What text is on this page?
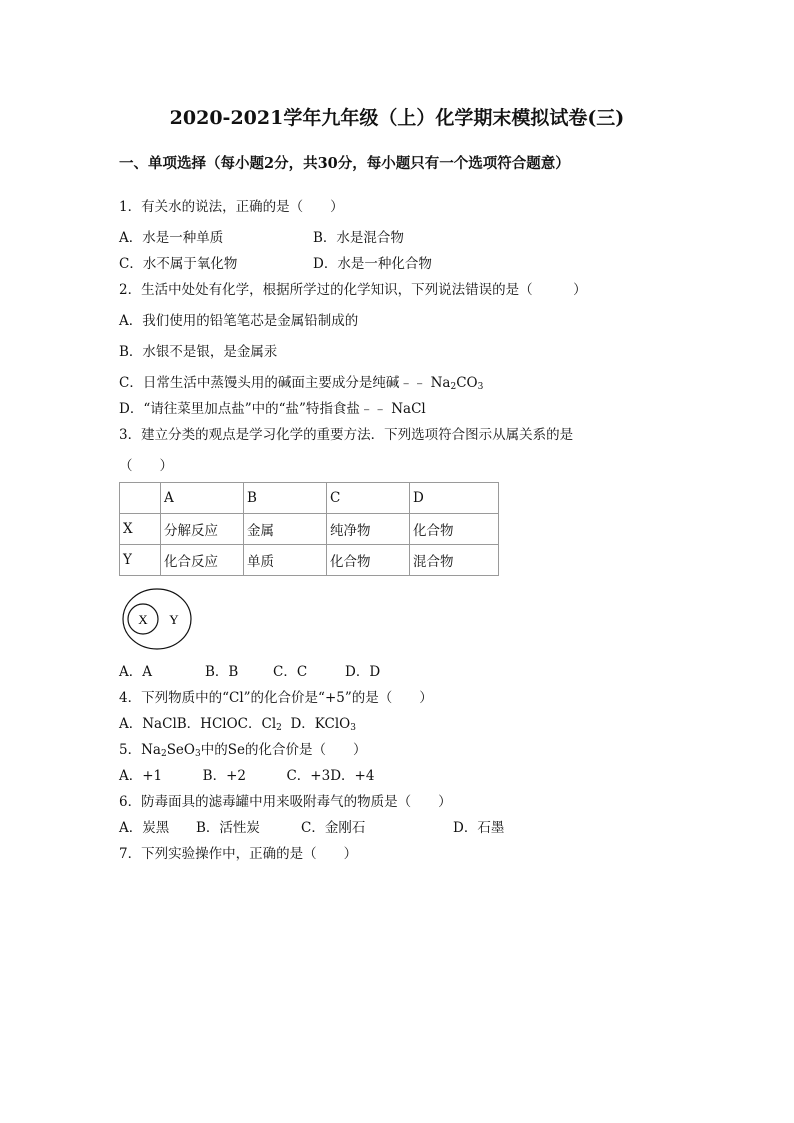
2020-2021学年九年级（上）化学期末模拟试卷(三)
一、单项选择（每小题2分，共30分，每小题只有一个选项符合题意）
1．有关水的说法，正确的是（　　）
A．水是一种单质	B．水是混合物
C．水不属于氧化物	D．水是一种化合物
2．生活中处处有化学，根据所学过的化学知识，下列说法错误的是（　　　）
A．我们使用的铅笔笔芯是金属铅制成的
B．水银不是银，是金属汞
C．日常生活中蒸馒头用的碱面主要成分是纯碱﹣﹣ $Na_2CO_3$
D．“请往菜里加点盐”中的“盐”特指食盐﹣﹣ NaCl
3．建立分类的观点是学习化学的重要方法．下列选项符合图示从属关系的是
（　　）
	A	B	C	D
X	分解反应	金属	纯净物	化合物
Y	化合反应	单质	化合物	混合物
X Y
A．A	B．B	C．C	D．D
4．下列物质中的“Cl”的化合价是“+5”的是（　　）
A．NaClB．HClOC．$Cl_2$  D．KClO$_3$
5．$Na_2SeO_3$中的Se的化合价是（　　）
A．+1　　　B．+2　　　C．+3D．+4
6．防毒面具的滤毒罐中用来吸附毒气的物质是（　　）
A．炭黑 B．活性炭	C．金刚石	D．石墨
7．下列实验操作中，正确的是（　　）
